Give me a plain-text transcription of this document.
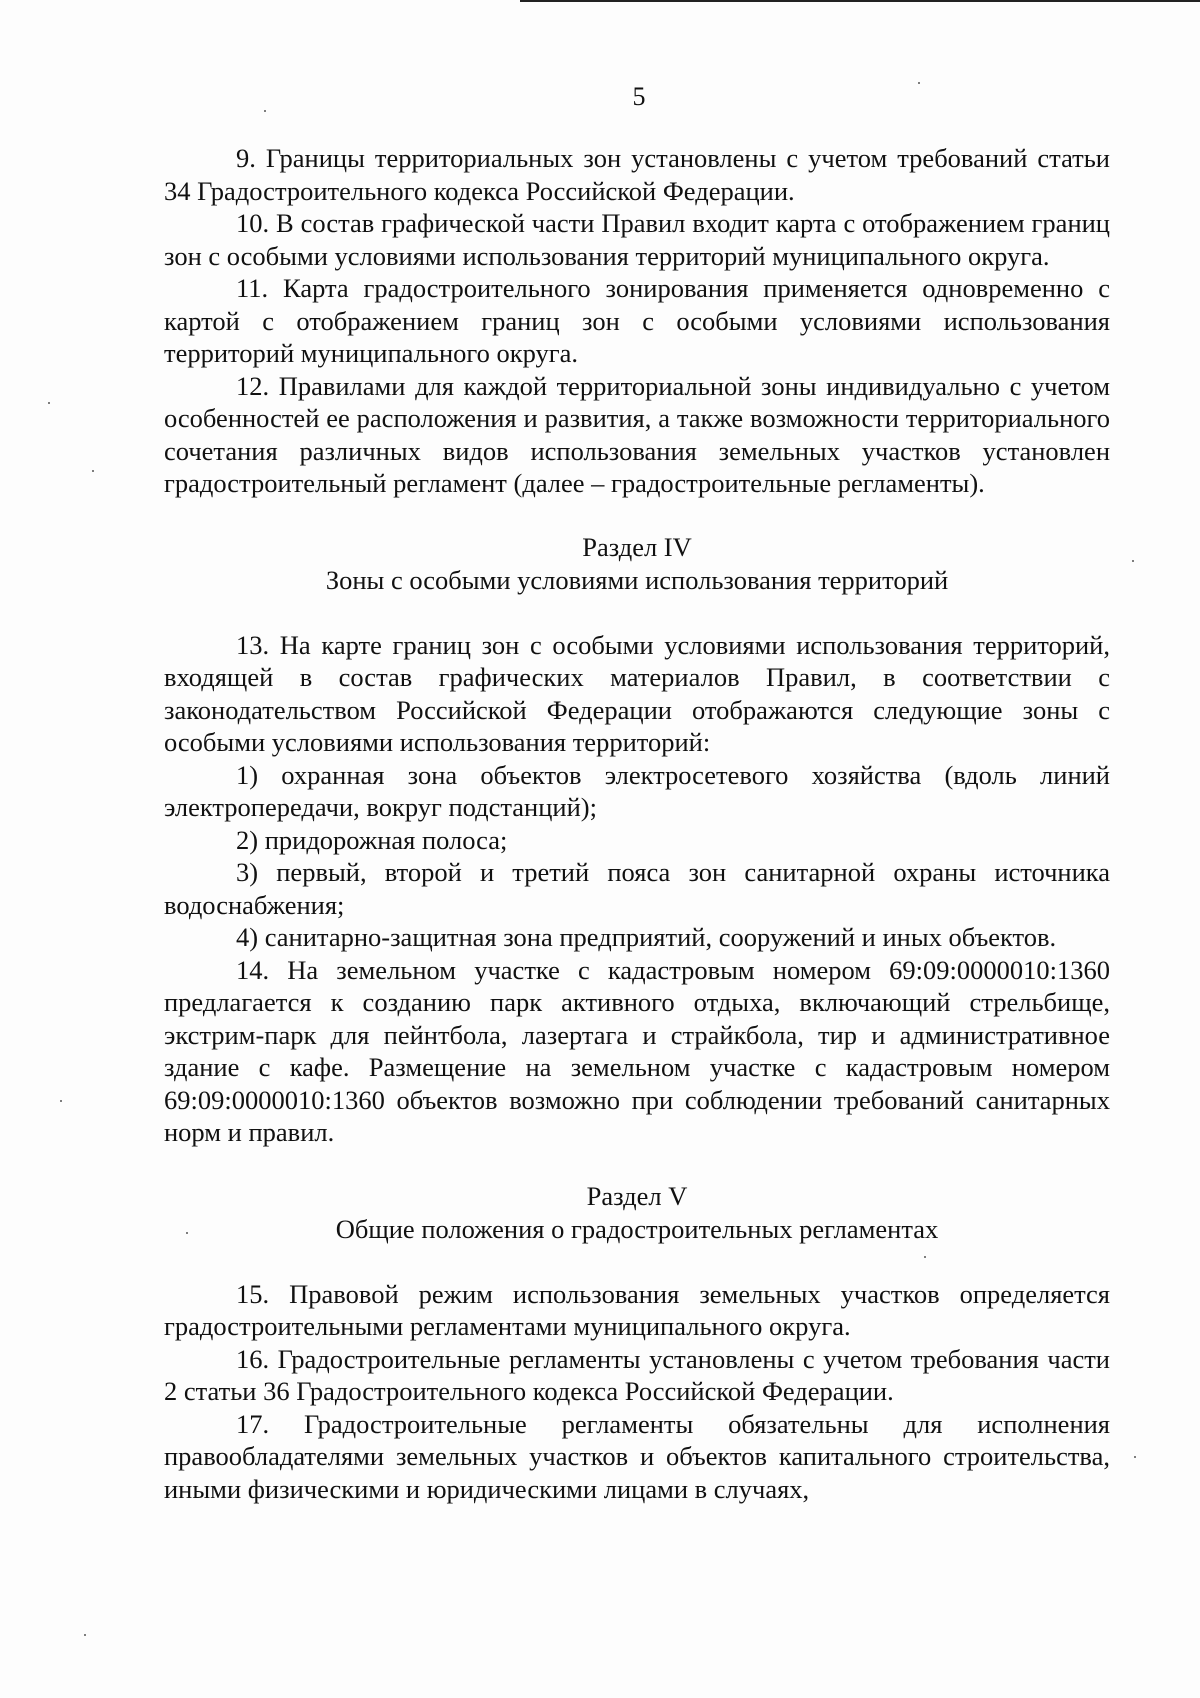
5

9. Границы территориальных зон установлены с учетом требований статьи 34 Градостроительного кодекса Российской Федерации.

10. В состав графической части Правил входит карта с отображением границ зон с особыми условиями использования территорий муниципального округа.

11. Карта градостроительного зонирования применяется одновременно с картой с отображением границ зон с особыми условиями использования территорий муниципального округа.

12. Правилами для каждой территориальной зоны индивидуально с учетом особенностей ее расположения и развития, а также возможности территориального сочетания различных видов использования земельных участков установлен градостроительный регламент (далее – градостроительные регламенты).

Раздел IV

Зоны с особыми условиями использования территорий

13. На карте границ зон с особыми условиями использования территорий, входящей в состав графических материалов Правил, в соответствии с законодательством Российской Федерации отображаются следующие зоны с особыми условиями использования территорий:

1) охранная зона объектов электросетевого хозяйства (вдоль линий электропередачи, вокруг подстанций);

2) придорожная полоса;

3) первый, второй и третий пояса зон санитарной охраны источника водоснабжения;

4) санитарно-защитная зона предприятий, сооружений и иных объектов.

14. На земельном участке с кадастровым номером 69:09:0000010:1360 предлагается к созданию парк активного отдыха, включающий стрельбище, экстрим-парк для пейнтбола, лазертага и страйкбола, тир и административное здание с кафе. Размещение на земельном участке с кадастровым номером 69:09:0000010:1360 объектов возможно при соблюдении требований санитарных норм и правил.

Раздел V

Общие положения о градостроительных регламентах

15. Правовой режим использования земельных участков определяется градостроительными регламентами муниципального округа.

16. Градостроительные регламенты установлены с учетом требования части 2 статьи 36 Градостроительного кодекса Российской Федерации.

17. Градостроительные регламенты обязательны для исполнения правообладателями земельных участков и объектов капитального строительства, иными физическими и юридическими лицами в случаях,
